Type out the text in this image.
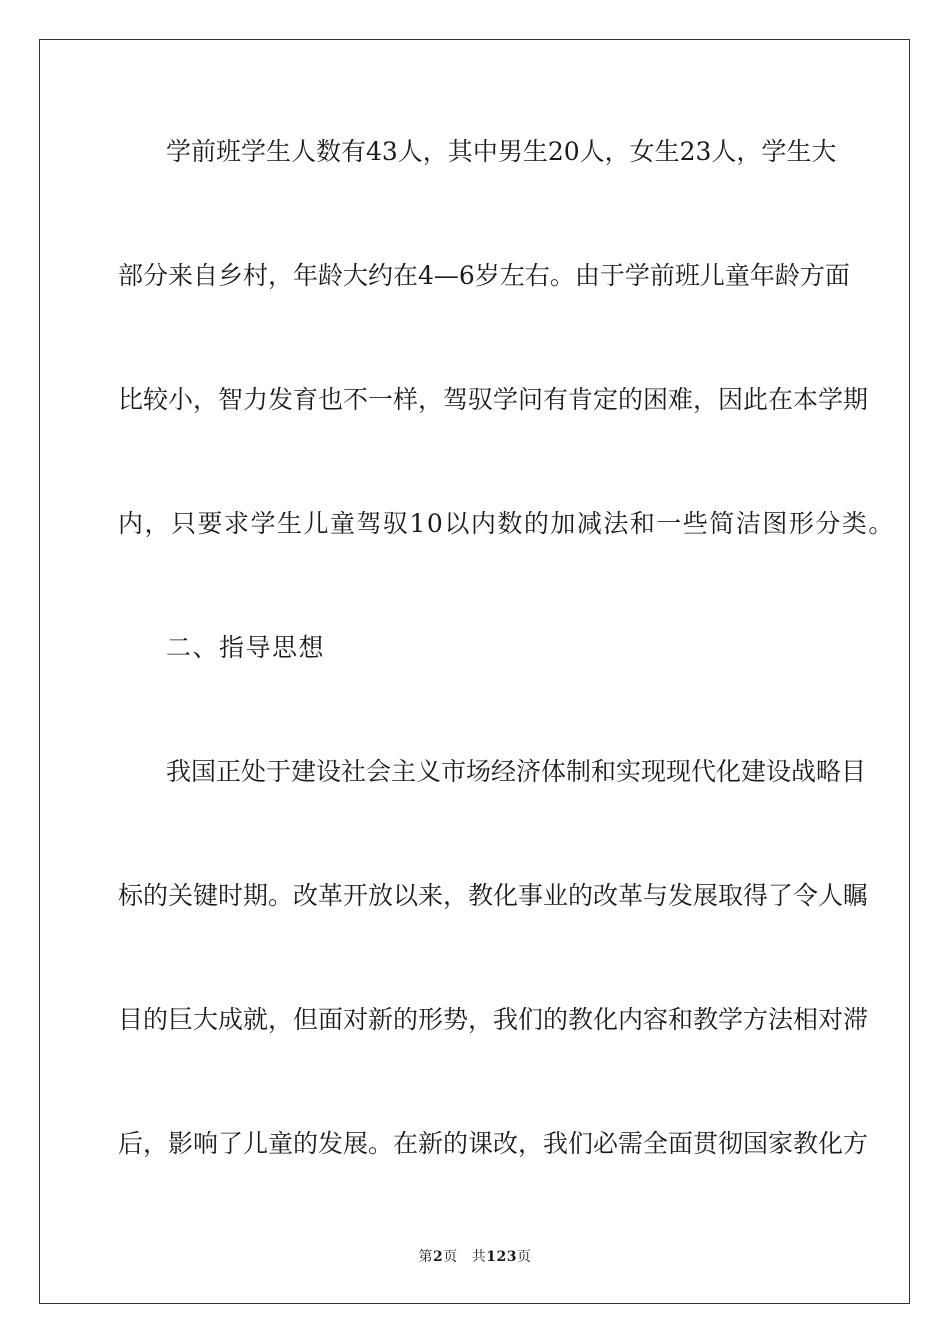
学前班学生人数有43人，其中男生20人，女生23人，学生大
部分来自乡村，年龄大约在4—6岁左右。由于学前班儿童年龄方面
比较小，智力发育也不一样，驾驭学问有肯定的困难，因此在本学期
内，只要求学生儿童驾驭10以内数的加减法和一些简洁图形分类。
二、指导思想
我国正处于建设社会主义市场经济体制和实现现代化建设战略目
标的关键时期。改革开放以来，教化事业的改革与发展取得了令人瞩
目的巨大成就，但面对新的形势，我们的教化内容和教学方法相对滞
后，影响了儿童的发展。在新的课改，我们必需全面贯彻国家教化方
第2页 共123页
